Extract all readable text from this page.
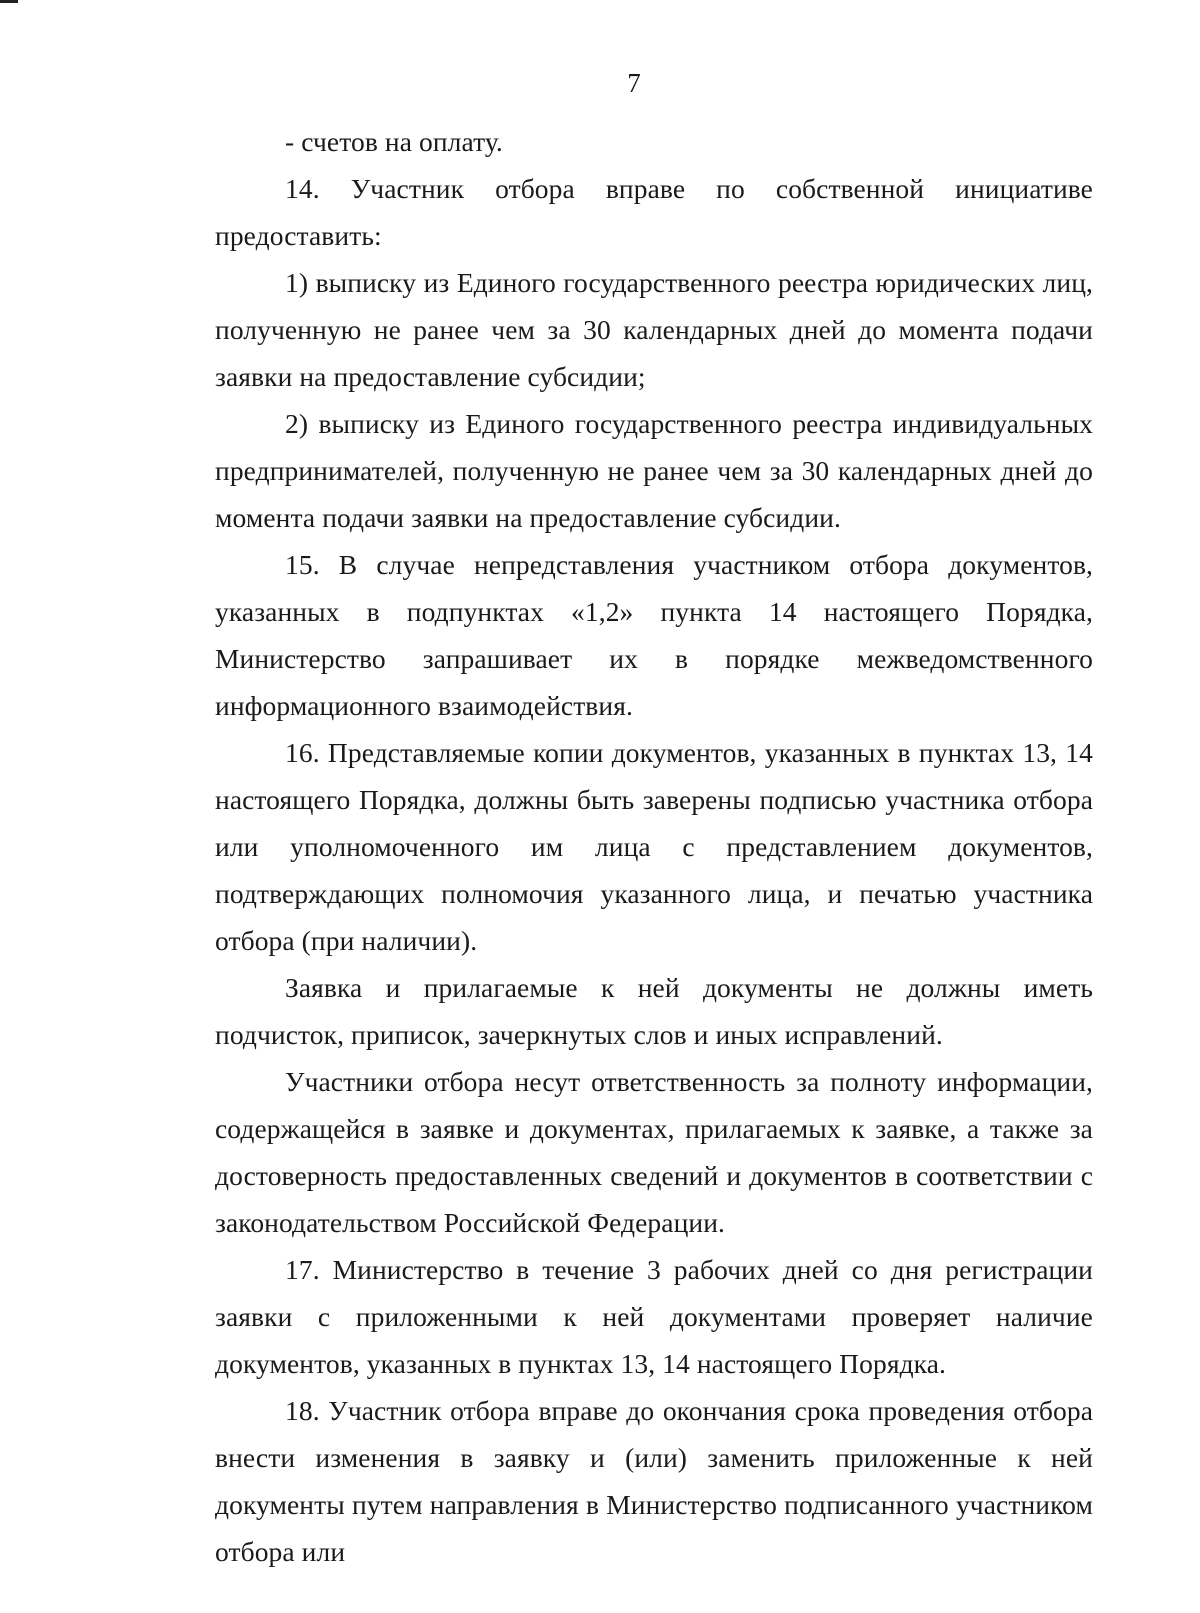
7

- счетов на оплату.

14. Участник отбора вправе по собственной инициативе предоставить:

1) выписку из Единого государственного реестра юридических лиц, полученную не ранее чем за 30 календарных дней до момента подачи заявки на предоставление субсидии;

2) выписку из Единого государственного реестра индивидуальных предпринимателей, полученную не ранее чем за 30 календарных дней до момента подачи заявки на предоставление субсидии.

15. В случае непредставления участником отбора документов, указанных в подпунктах «1,2» пункта 14 настоящего Порядка, Министерство запрашивает их в порядке межведомственного информационного взаимодействия.

16. Представляемые копии документов, указанных в пунктах 13, 14 настоящего Порядка, должны быть заверены подписью участника отбора или уполномоченного им лица с представлением документов, подтверждающих полномочия указанного лица, и печатью участника отбора (при наличии).

Заявка и прилагаемые к ней документы не должны иметь подчисток, приписок, зачеркнутых слов и иных исправлений.

Участники отбора несут ответственность за полноту информации, содержащейся в заявке и документах, прилагаемых к заявке, а также за достоверность предоставленных сведений и документов в соответствии с законодательством Российской Федерации.

17. Министерство в течение 3 рабочих дней со дня регистрации заявки с приложенными к ней документами проверяет наличие документов, указанных в пунктах 13, 14 настоящего Порядка.

18. Участник отбора вправе до окончания срока проведения отбора внести изменения в заявку и (или) заменить приложенные к ней документы путем направления в Министерство подписанного участником отбора или
